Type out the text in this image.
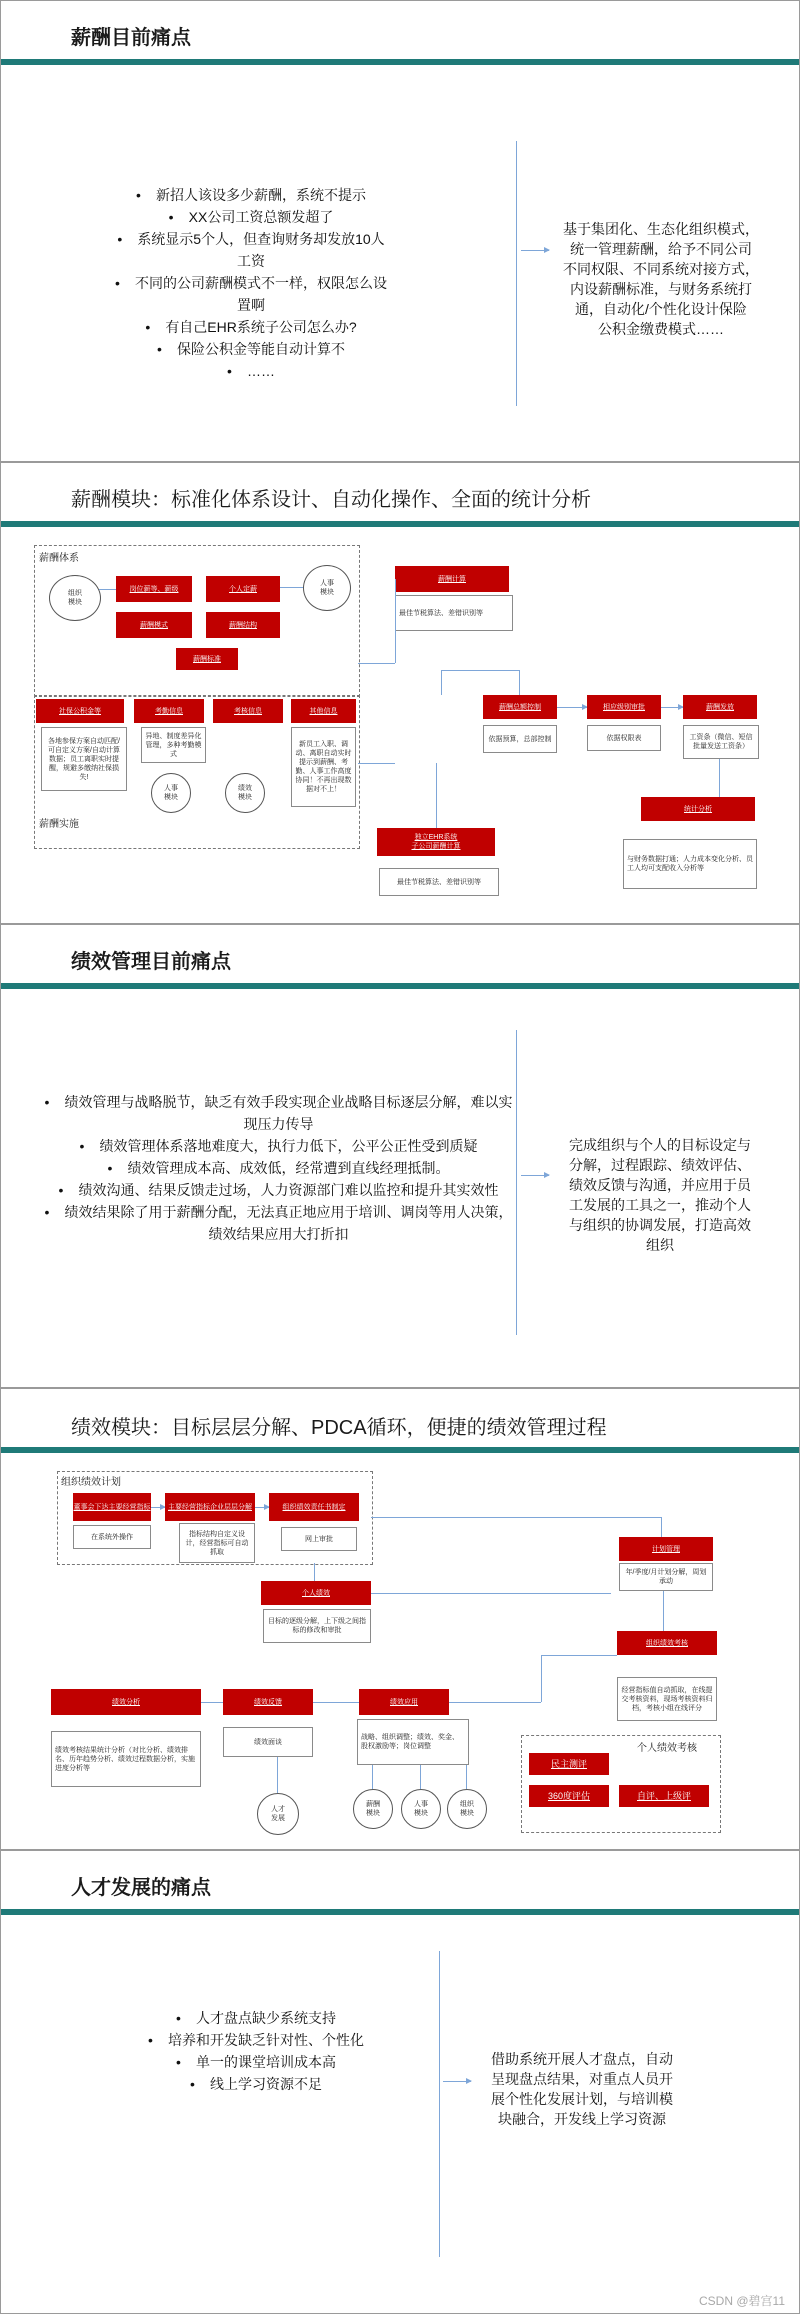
薪酬目前痛点
• 新招人该设多少薪酬，系统不提示
• XX公司工资总额发超了
• 系统显示5个人，但查询财务却发放10人工资
• 不同的公司薪酬模式不一样，权限怎么设置啊
• 有自己EHR系统子公司怎么办?
• 保险公积金等能自动计算不
• ……
基于集团化、生态化组织模式，
统一管理薪酬，给予不同公司
不同权限、不同系统对接方式，
内设薪酬标准，与财务系统打
通，自动化/个性化设计保险
公积金缴费模式……
薪酬模块：标准化体系设计、自动化操作、全面的统计分析
薪酬体系
组织
模块
岗位薪等、薪级	个人定薪
人事
模块
薪酬模式	薪酬结构
薪酬标准
社保公积金等	考勤信息	考核信息	其他信息
各地参保方案自动匹配/可自定义方案/自动计算数据；员工离职实时提醒，规避多缴纳社保损失!
异地、制度差异化管理，多种考勤模式
人事
模块
绩效
模块
新员工入职、调动、离职自动实时提示到薪酬、考勤、人事工作高度协同！不再出现数据对不上！
薪酬实施
薪酬计算
最佳节税算法、差错识别等
薪酬总额控制
依据预算，总部控制
相应级别审批
依据权限表
薪酬发放
工资条（微信、短信批量发送工资条）
统计分析
与财务数据打通；人力成本变化分析、员工人均可支配收入分析等
独立EHR系统
子公司薪酬计算
最佳节税算法、差错识别等
绩效管理目前痛点
• 绩效管理与战略脱节，缺乏有效手段实现企业战略目标逐层分解，难以实现压力传导
• 绩效管理体系落地难度大，执行力低下，公平公正性受到质疑
• 绩效管理成本高、成效低，经常遭到直线经理抵制。
• 绩效沟通、结果反馈走过场，人力资源部门难以监控和提升其实效性
• 绩效结果除了用于薪酬分配，无法真正地应用于培训、调岗等用人决策，绩效结果应用大打折扣
完成组织与个人的目标设定与
分解，过程跟踪、绩效评估、
绩效反馈与沟通，并应用于员
工发展的工具之一，推动个人
与组织的协调发展，打造高效
组织
绩效模块：目标层层分解、PDCA循环，便捷的绩效管理过程
组织绩效计划
董事会下达主要经营指标
在系统外操作
主要经营指标企业层层分解
指标结构自定义设计，经营指标可自动抓取
组织绩效责任书制定
网上审批
个人绩效
目标的逐级分解，上下级之间指标的修改和审批
计划管理
年/季度/月计划分解，周划承动
组织绩效考核
经营指标值自动抓取，在线提交考核资料，现场考核资料归档，考核小组在线评分
绩效分析
绩效考核结果统计分析（对比分析、绩效排名、历年趋势分析、绩效过程数据分析，实施进度分析等
绩效反馈
绩效面谈
绩效应用
战略、组织调整；绩效、奖金、股权激励等；岗位调整
人才
发展
薪酬
模块
人事
模块
组织
模块
个人绩效考核
民主测评
360度评估	自评、上级评
人才发展的痛点
• 人才盘点缺少系统支持
• 培养和开发缺乏针对性、个性化
• 单一的课堂培训成本高
• 线上学习资源不足
借助系统开展人才盘点，自动
呈现盘点结果，对重点人员开
展个性化发展计划，与培训模
块融合，开发线上学习资源
CSDN @碧宫11
